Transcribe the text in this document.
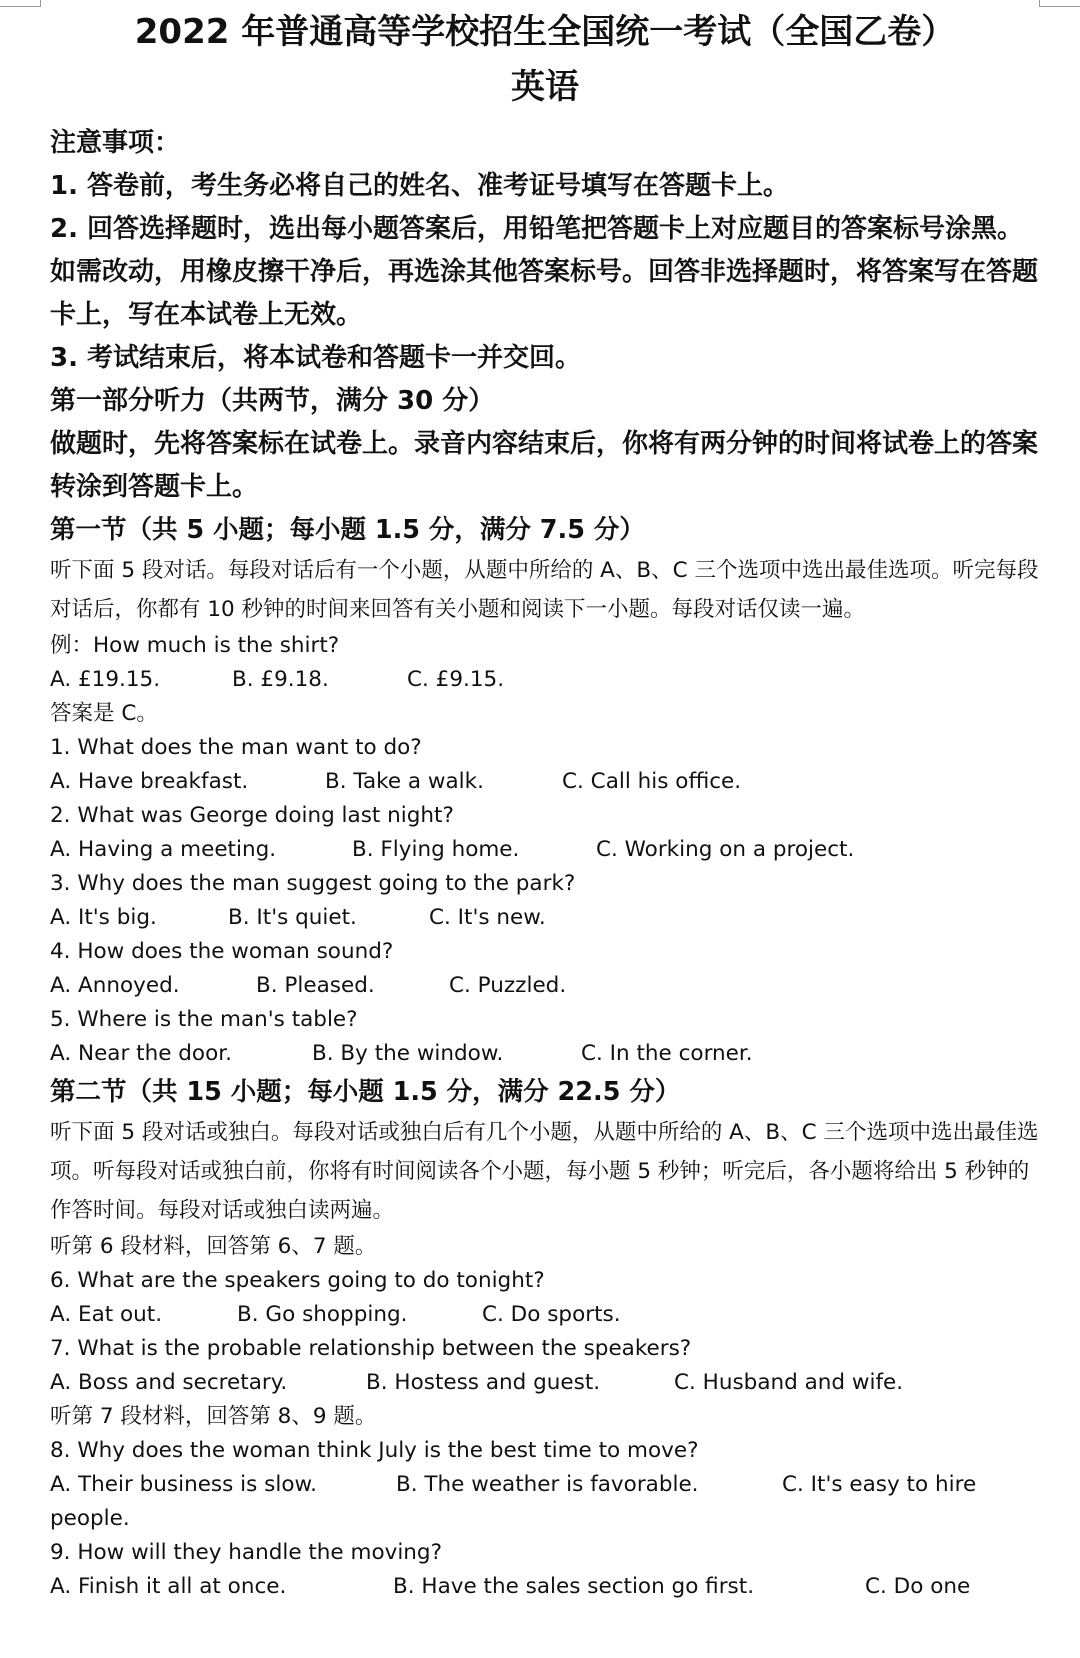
2022 年普通高等学校招生全国统一考试（全国乙卷）
英语

注意事项：

1. 答卷前，考生务必将自己的姓名、准考证号填写在答题卡上。

2. 回答选择题时，选出每小题答案后，用铅笔把答题卡上对应题目的答案标号涂黑。如需改动，用橡皮擦干净后，再选涂其他答案标号。回答非选择题时，将答案写在答题卡上，写在本试卷上无效。

3. 考试结束后，将本试卷和答题卡一并交回。

第一部分听力（共两节，满分 30 分）

做题时，先将答案标在试卷上。录音内容结束后，你将有两分钟的时间将试卷上的答案转涂到答题卡上。

第一节（共 5 小题；每小题 1.5 分，满分 7.5 分）

听下面 5 段对话。每段对话后有一个小题，从题中所给的 A、B、C 三个选项中选出最佳选项。听完每段对话后，你都有 10 秒钟的时间来回答有关小题和阅读下一小题。每段对话仅读一遍。

例：How much is the shirt?

A. £19.15.	B. £9.18.	C. £9.15.

答案是 C。

1. What does the man want to do?

A. Have breakfast.	B. Take a walk.	C. Call his office.

2. What was George doing last night?

A. Having a meeting.	B. Flying home.	C. Working on a project.

3. Why does the man suggest going to the park?

A. It's big.	B. It's quiet.	C. It's new.

4. How does the woman sound?

A. Annoyed.	B. Pleased.	C. Puzzled.

5. Where is the man's table?

A. Near the door.	B. By the window.	C. In the corner.

第二节（共 15 小题；每小题 1.5 分，满分 22.5 分）

听下面 5 段对话或独白。每段对话或独白后有几个小题，从题中所给的 A、B、C 三个选项中选出最佳选项。听每段对话或独白前，你将有时间阅读各个小题，每小题 5 秒钟；听完后，各小题将给出 5 秒钟的作答时间。每段对话或独白读两遍。

听第 6 段材料，回答第 6、7 题。

6. What are the speakers going to do tonight?

A. Eat out.	B. Go shopping.	C. Do sports.

7. What is the probable relationship between the speakers?

A. Boss and secretary.	B. Hostess and guest.	C. Husband and wife.

听第 7 段材料，回答第 8、9 题。

8. Why does the woman think July is the best time to move?

A. Their business is slow.	B. The weather is favorable.	C. It's easy to hire

people.

9. How will they handle the moving?

A. Finish it all at once.	B. Have the sales section go first.	C. Do one
